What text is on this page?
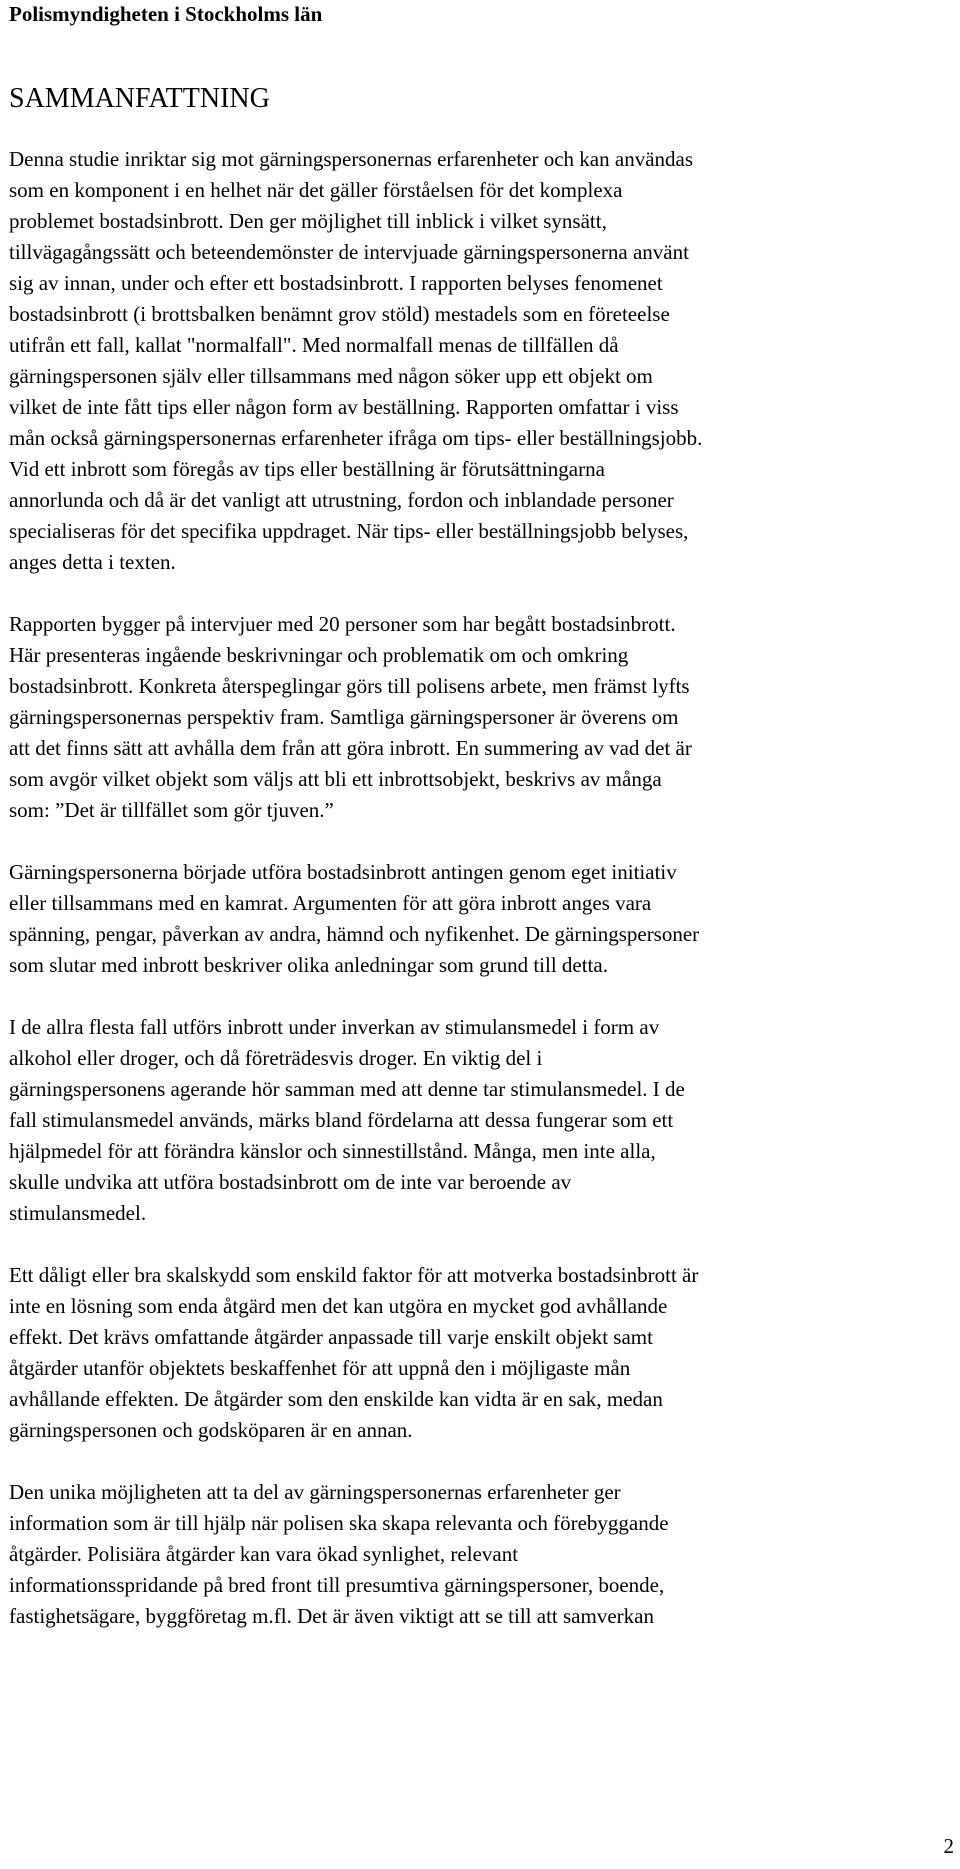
Polismyndigheten i Stockholms län
SAMMANFATTNING

Denna studie inriktar sig mot gärningspersonernas erfarenheter och kan användas
som en komponent i en helhet när det gäller förståelsen för det komplexa
problemet bostadsinbrott. Den ger möjlighet till inblick i vilket synsätt,
tillvägagångssätt och beteendemönster de intervjuade gärningspersonerna använt
sig av innan, under och efter ett bostadsinbrott. I rapporten belyses fenomenet
bostadsinbrott (i brottsbalken benämnt grov stöld) mestadels som en företeelse
utifrån ett fall, kallat "normalfall". Med normalfall menas de tillfällen då
gärningspersonen själv eller tillsammans med någon söker upp ett objekt om
vilket de inte fått tips eller någon form av beställning. Rapporten omfattar i viss
mån också gärningspersonernas erfarenheter ifråga om tips- eller beställningsjobb.
Vid ett inbrott som föregås av tips eller beställning är förutsättningarna
annorlunda och då är det vanligt att utrustning, fordon och inblandade personer
specialiseras för det specifika uppdraget. När tips- eller beställningsjobb belyses,
anges detta i texten.

Rapporten bygger på intervjuer med 20 personer som har begått bostadsinbrott.
Här presenteras ingående beskrivningar och problematik om och omkring
bostadsinbrott. Konkreta återspeglingar görs till polisens arbete, men främst lyfts
gärningspersonernas perspektiv fram. Samtliga gärningspersoner är överens om
att det finns sätt att avhålla dem från att göra inbrott. En summering av vad det är
som avgör vilket objekt som väljs att bli ett inbrottsobjekt, beskrivs av många
som: ”Det är tillfället som gör tjuven.”

Gärningspersonerna började utföra bostadsinbrott antingen genom eget initiativ
eller tillsammans med en kamrat. Argumenten för att göra inbrott anges vara
spänning, pengar, påverkan av andra, hämnd och nyfikenhet. De gärningspersoner
som slutar med inbrott beskriver olika anledningar som grund till detta.

I de allra flesta fall utförs inbrott under inverkan av stimulansmedel i form av
alkohol eller droger, och då företrädesvis droger. En viktig del i
gärningspersonens agerande hör samman med att denne tar stimulansmedel. I de
fall stimulansmedel används, märks bland fördelarna att dessa fungerar som ett
hjälpmedel för att förändra känslor och sinnestillstånd. Många, men inte alla,
skulle undvika att utföra bostadsinbrott om de inte var beroende av
stimulansmedel.

Ett dåligt eller bra skalskydd som enskild faktor för att motverka bostadsinbrott är
inte en lösning som enda åtgärd men det kan utgöra en mycket god avhållande
effekt. Det krävs omfattande åtgärder anpassade till varje enskilt objekt samt
åtgärder utanför objektets beskaffenhet för att uppnå den i möjligaste mån
avhållande effekten. De åtgärder som den enskilde kan vidta är en sak, medan
gärningspersonen och godsköparen är en annan.

Den unika möjligheten att ta del av gärningspersonernas erfarenheter ger
information som är till hjälp när polisen ska skapa relevanta och förebyggande
åtgärder. Polisiära åtgärder kan vara ökad synlighet, relevant
informationsspridande på bred front till presumtiva gärningspersoner, boende,
fastighetsägare, byggföretag m.fl. Det är även viktigt att se till att samverkan

2
